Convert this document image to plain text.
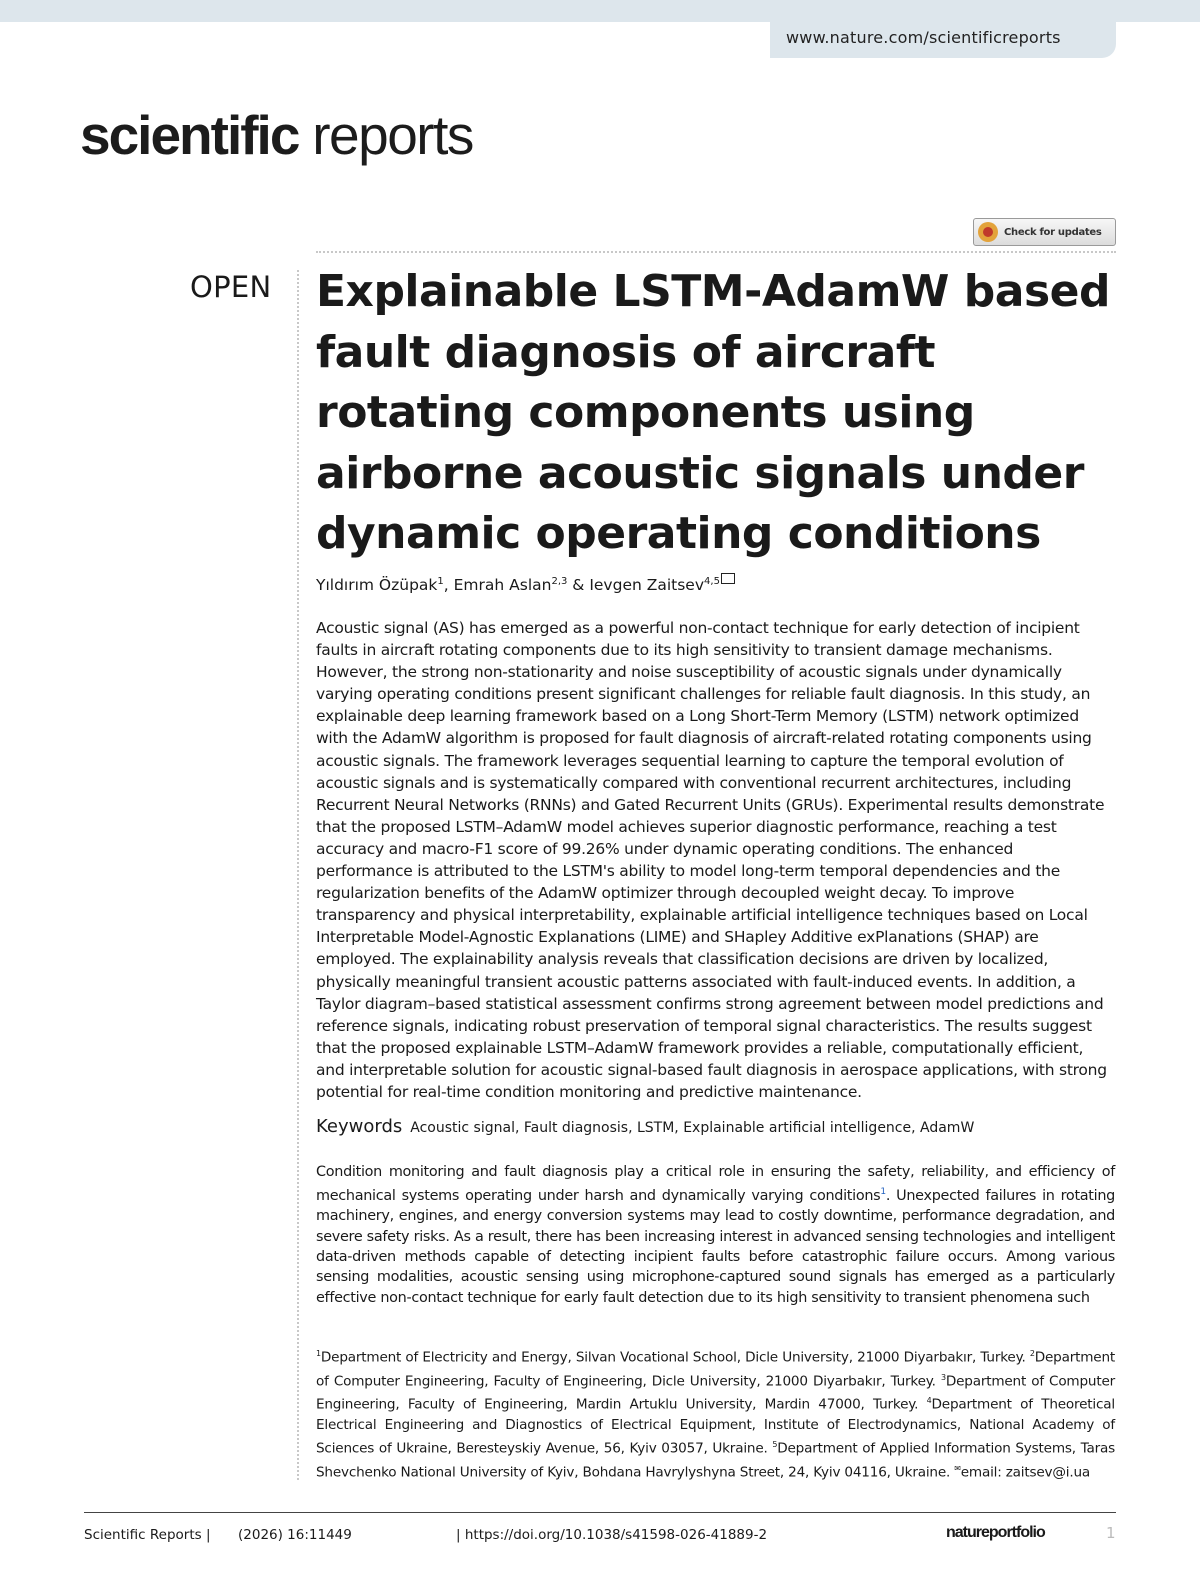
www.nature.com/scientificreports
scientific reports
Check for updates
OPEN Explainable LSTM-AdamW based fault diagnosis of aircraft rotating components using airborne acoustic signals under dynamic operating conditions
Yıldırım Özüpak$^1$, Emrah Aslan$^{2,3}$ & Ievgen Zaitsev$^{4,5}$

Acoustic signal (AS) has emerged as a powerful non-contact technique for early detection of incipient faults in aircraft rotating components due to its high sensitivity to transient damage mechanisms. However, the strong non-stationarity and noise susceptibility of acoustic signals under dynamically varying operating conditions present significant challenges for reliable fault diagnosis. In this study, an explainable deep learning framework based on a Long Short-Term Memory (LSTM) network optimized with the AdamW algorithm is proposed for fault diagnosis of aircraft-related rotating components using acoustic signals. The framework leverages sequential learning to capture the temporal evolution of acoustic signals and is systematically compared with conventional recurrent architectures, including Recurrent Neural Networks (RNNs) and Gated Recurrent Units (GRUs). Experimental results demonstrate that the proposed LSTM–AdamW model achieves superior diagnostic performance, reaching a test accuracy and macro-F1 score of 99.26% under dynamic operating conditions. The enhanced performance is attributed to the LSTM's ability to model long-term temporal dependencies and the regularization benefits of the AdamW optimizer through decoupled weight decay. To improve transparency and physical interpretability, explainable artificial intelligence techniques based on Local Interpretable Model-Agnostic Explanations (LIME) and SHapley Additive exPlanations (SHAP) are employed. The explainability analysis reveals that classification decisions are driven by localized, physically meaningful transient acoustic patterns associated with fault-induced events. In addition, a Taylor diagram–based statistical assessment confirms strong agreement between model predictions and reference signals, indicating robust preservation of temporal signal characteristics. The results suggest that the proposed explainable LSTM–AdamW framework provides a reliable, computationally efficient, and interpretable solution for acoustic signal-based fault diagnosis in aerospace applications, with strong potential for real-time condition monitoring and predictive maintenance.

Keywords Acoustic signal, Fault diagnosis, LSTM, Explainable artificial intelligence, AdamW

Condition monitoring and fault diagnosis play a critical role in ensuring the safety, reliability, and efficiency of mechanical systems operating under harsh and dynamically varying conditions$^1$. Unexpected failures in rotating machinery, engines, and energy conversion systems may lead to costly downtime, performance degradation, and severe safety risks. As a result, there has been increasing interest in advanced sensing technologies and intelligent data-driven methods capable of detecting incipient faults before catastrophic failure occurs. Among various sensing modalities, acoustic sensing using microphone-captured sound signals has emerged as a particularly effective non-contact technique for early fault detection due to its high sensitivity to transient phenomena such

$^1$Department of Electricity and Energy, Silvan Vocational School, Dicle University, 21000 Diyarbakır, Turkey. $^2$Department of Computer Engineering, Faculty of Engineering, Dicle University, 21000 Diyarbakır, Turkey. $^3$Department of Computer Engineering, Faculty of Engineering, Mardin Artuklu University, Mardin 47000, Turkey. $^4$Department of Theoretical Electrical Engineering and Diagnostics of Electrical Equipment, Institute of Electrodynamics, National Academy of Sciences of Ukraine, Beresteyskiy Avenue, 56, Kyiv 03057, Ukraine. $^5$Department of Applied Information Systems, Taras Shevchenko National University of Kyiv, Bohdana Havrylyshyna Street, 24, Kyiv 04116, Ukraine. ✉email: zaitsev@i.ua

Scientific Reports | (2026) 16:11449	| https://doi.org/10.1038/s41598-026-41889-2	natureportfolio	1
